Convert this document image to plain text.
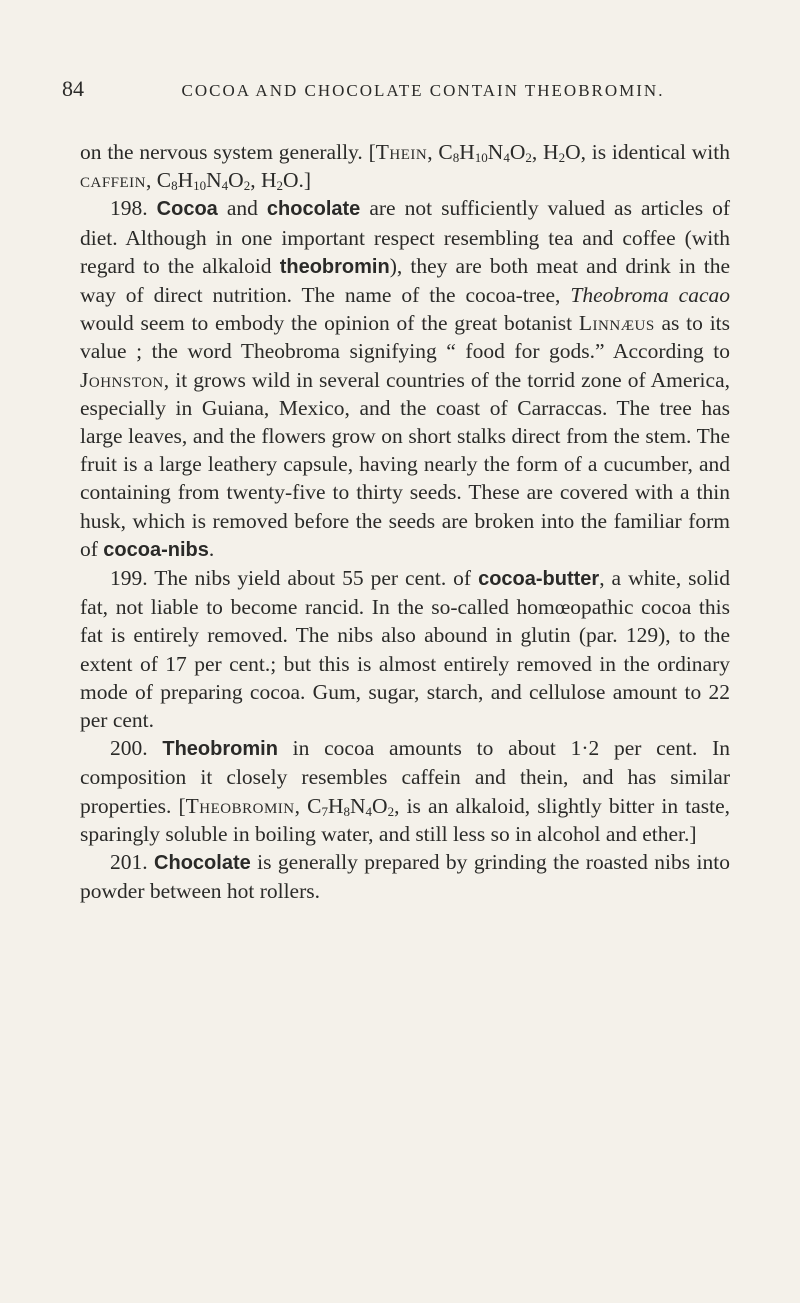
84	COCOA AND CHOCOLATE CONTAIN THEOBROMIN.

on the nervous system generally. [Thein, $C_8H_{10}N_4O_2$, $H_2O$, is identical with caffein, $C_8H_{10}N_4O_2$, $H_2O$.]

198. Cocoa and chocolate are not sufficiently valued as articles of diet. Although in one important respect resembling tea and coffee (with regard to the alkaloid theobromin), they are both meat and drink in the way of direct nutrition. The name of the cocoa-tree, Theobroma cacao would seem to embody the opinion of the great botanist Linnæus as to its value ; the word Theobroma signifying “ food for gods.” According to Johnston, it grows wild in several countries of the torrid zone of America, especially in Guiana, Mexico, and the coast of Carraccas. The tree has large leaves, and the flowers grow on short stalks direct from the stem. The fruit is a large leathery capsule, having nearly the form of a cucumber, and containing from twenty-five to thirty seeds. These are covered with a thin husk, which is removed before the seeds are broken into the familiar form of cocoa-nibs.

199. The nibs yield about 55 per cent. of cocoa-butter, a white, solid fat, not liable to become rancid. In the so-called homœopathic cocoa this fat is entirely removed. The nibs also abound in glutin (par. 129), to the extent of 17 per cent.; but this is almost entirely removed in the ordinary mode of preparing cocoa. Gum, sugar, starch, and cellulose amount to 22 per cent.

200. Theobromin in cocoa amounts to about 1·2 per cent. In composition it closely resembles caffein and thein, and has similar properties. [Theobromin, $C_7H_8N_4O_2$, is an alkaloid, slightly bitter in taste, sparingly soluble in boiling water, and still less so in alcohol and ether.]

201. Chocolate is generally prepared by grinding the roasted nibs into powder between hot rollers.
